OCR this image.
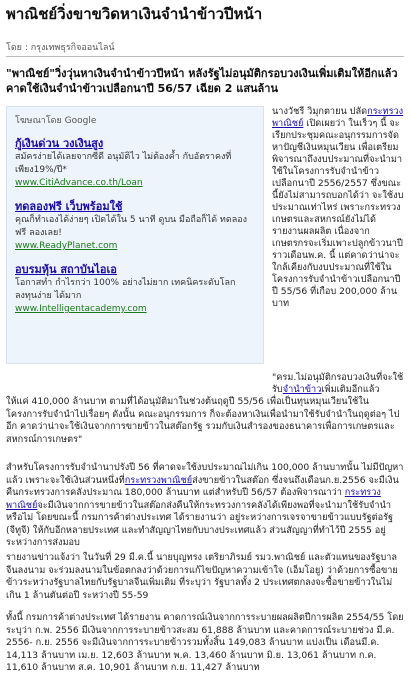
พาณิชย์วิ่งขาขวิดหาเงินจำนำข้าวปีหน้า
โดย : กรุงเทพธุรกิจออนไลน์
"พาณิชย์"วิ่งวุ่นหาเงินจำนำข้าวปีหน้า หลังรัฐไม่อนุมัติกรอบวงเงินเพิ่มเติมให้อีกแล้ว คาดใช้เงินจำนำข้าวเปลือกนาปี 56/57 เฉียด 2 แสนล้าน
โฆษณาโดย Google
กู้เงินด่วน วงเงินสูง
สมัครง่ายได้เลยจากซีดี อนุมัติไว ไม่ต้องค้ำ กับอัตราคงที่เพียง19%/ปี*
www.CitiAdvance.co.th/Loan
ทดลองฟรี เว็บพร้อมใช้
คุณก็ทำเองได้ง่ายๆ เปิดได้ใน 5 นาที ดูบน มือถือก็ได้ ทดลองฟรี ลองเลย!
www.ReadyPlanet.com
อบรมหุ้น สถาบันไอเอ
โอกาสทำ กำไรกว่า 100% อย่างไม่ยาก เทคนิคระดับโลก ลงทุนง่าย ได้มาก
www.Intelligentacademy.com

นางวัชรี วิมุกตายน ปลัดกระทรวงพาณิชย์ เปิดเผยว่า ในเร็วๆ นี้ จะเรียกประชุมคณะอนุกรรมการจัดหาปัญชีเงินหมุนเวียน เพื่อเตรียมพิจารณาถึงงบประมาณที่จะนำมาใช้ในโครงการรับจำนำข้าวเปลือกนาปี 2556/2557 ซึ่งขณะนี้ยังไม่สามารถบอกได้ว่า จะใช้งบประมาณเท่าไหร่ เพราะกระทรวงเกษตรและสหกรณ์ยังไม่ได้รายงานผลผลิต เนื่องจากเกษตรกรจะเริ่มเพาะปลูกข้าวนาปีราวเดือนพ.ค. นี้ แต่คาดว่าน่าจะใกล้เคียงกับงบประมาณที่ใช้ในโครงการรับจำนำข้าวเปลือกนาปีปี 55/56 ที่เกือบ 200,000 ล้านบาท

"ครม.ไม่อนุมัติกรอบวงเงินที่จะใช้รับจำนำข้าวเพิ่มเติมอีกแล้ว
ให้แค่ 410,000 ล้านบาท ตามที่ได้อนุมัติมาในช่วงต้นฤดูปี 55/56 เพื่อเป็นทุนหมุนเวียนใช้ในโครงการรับจำนำไปเรื่อยๆ ดังนั้น คณะอนุกรรมการ ก็จะต้องหาเงินเพื่อนำมาใช้รับจำนำในฤดูต่อๆ ไปอีก คาดว่าน่าจะใช้เงินจากการขายข้าวในสต๊อกรัฐ รวมกับเงินสำรองของธนาคารเพื่อการเกษตรและสหกรณ์การเกษตร"
สำหรับโครงการรับจำนำนาปรังปี 56 ที่คาดจะใช้งบประมาณไม่เกิน 100,000 ล้านบาทนั้น ไม่มีปัญหาแล้ว เพราะจะใช้เงินส่วนหนึ่งที่กระทรวงพาณิชย์ส่งขายข้าวในสต๊อก ซึ่งจนถึงเดือนก.ย.2556 จะมีเงินคืนกระทรวงการคลังประมาณ 180,000 ล้านบาท แต่สำหรับปี 56/57 ต้องพิจารณาว่า กระทรวงพาณิชย์จะมีเงินจากการขายข้าวในสต๊อกส่งคืนให้กระทรวงการคลังได้เพียงพอที่จะนำมาใช้รับจำนำหรือไม่ โดยขณะนี้ กรมการค้าต่างประเทศ ได้รายงานว่า อยู่ระหว่างการเจรจาขายข้าวแบบรัฐต่อรัฐ (จีทูจี) ให้กับอีกหลายประเทศ และทำสัญญาไทยกับบางประเทศแล้ว ส่วนสัญญาที่ทำไว้ปี 2555 อยู่ระหว่างการส่งมอบ
รายงานข่าวแจ้งว่า ในวันที่ 29 มี.ค.นี้ นายบุญทรง เตริยาภิรมย์ รมว.พาณิชย์ และตัวแทนของรัฐบาลจีนลงนาม จะร่วมลงนามในข้อตกลงว่าด้วยการแก้ไขปัญหาความเข้าใจ (เอ็มโอยู) ว่าด้วยการซื้อขายข้าวระหว่างรัฐบาลไทยกับรัฐบาลจีนเพิ่มเติม ที่ระบุว่า รัฐบาลทั้ง 2 ประเทศตกลงจะซื้อขายข้าวในไม่เกิน 1 ล้านตันต่อปี ระหว่างปี 55-59
ทั้งนี้ กรมการค้าต่างประเทศ ได้รายงาน คาดการณ์เงินจากการระบายผลผลิตปีการผลิต 2554/55 โดยระบุว่า ก.พ. 2556 มีเงินจากการระบายข้าวสะสม 61,888 ล้านบาท และคาดการณ์ระบายช่วง มี.ค. 2556- ก.ย. 2556 จะมีเงินจากการระบายข้าวรวมทั้งสิ้น 149,083 ล้านบาท แบ่งเป็น เดือนมี.ค. 14,113 ล้านบาท เม.ย. 12,603 ล้านบาท พ.ค. 13,460 ล้านบาท มิ.ย. 13,061 ล้านบาท ก.ค. 11,610 ล้านบาท ส.ค. 10,901 ล้านบาท ก.ย. 11,427 ล้านบาท
